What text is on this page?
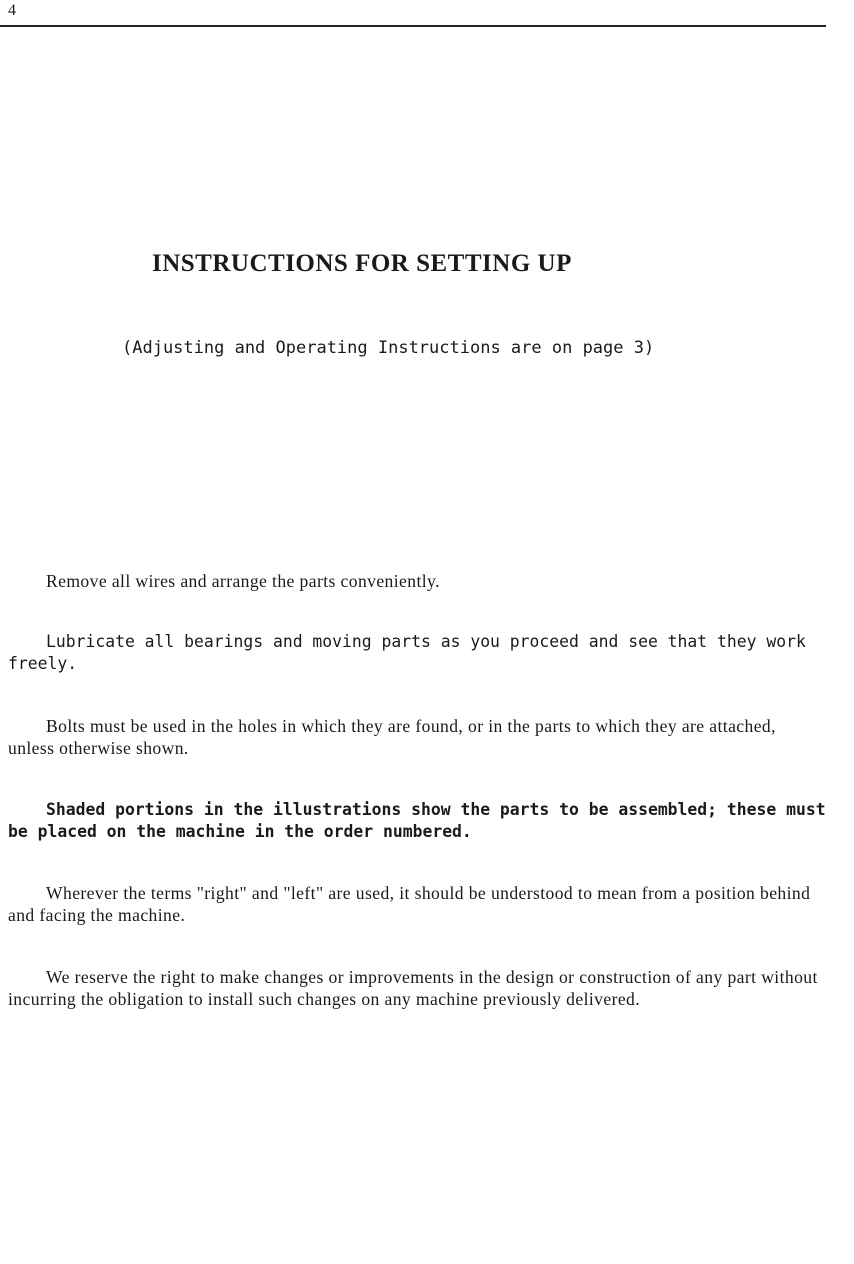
4
INSTRUCTIONS FOR SETTING UP
(Adjusting and Operating Instructions are on page 3)

Remove all wires and arrange the parts conveniently.

Lubricate all bearings and moving parts as you proceed and see that they work freely.

Bolts must be used in the holes in which they are found, or in the parts to which they are attached, unless otherwise shown.

Shaded portions in the illustrations show the parts to be assembled; these must be placed on the machine in the order numbered.

Wherever the terms "right" and "left" are used, it should be understood to mean from a position behind and facing the machine.

We reserve the right to make changes or improvements in the design or construction of any part without incurring the obligation to install such changes on any machine previously delivered.
